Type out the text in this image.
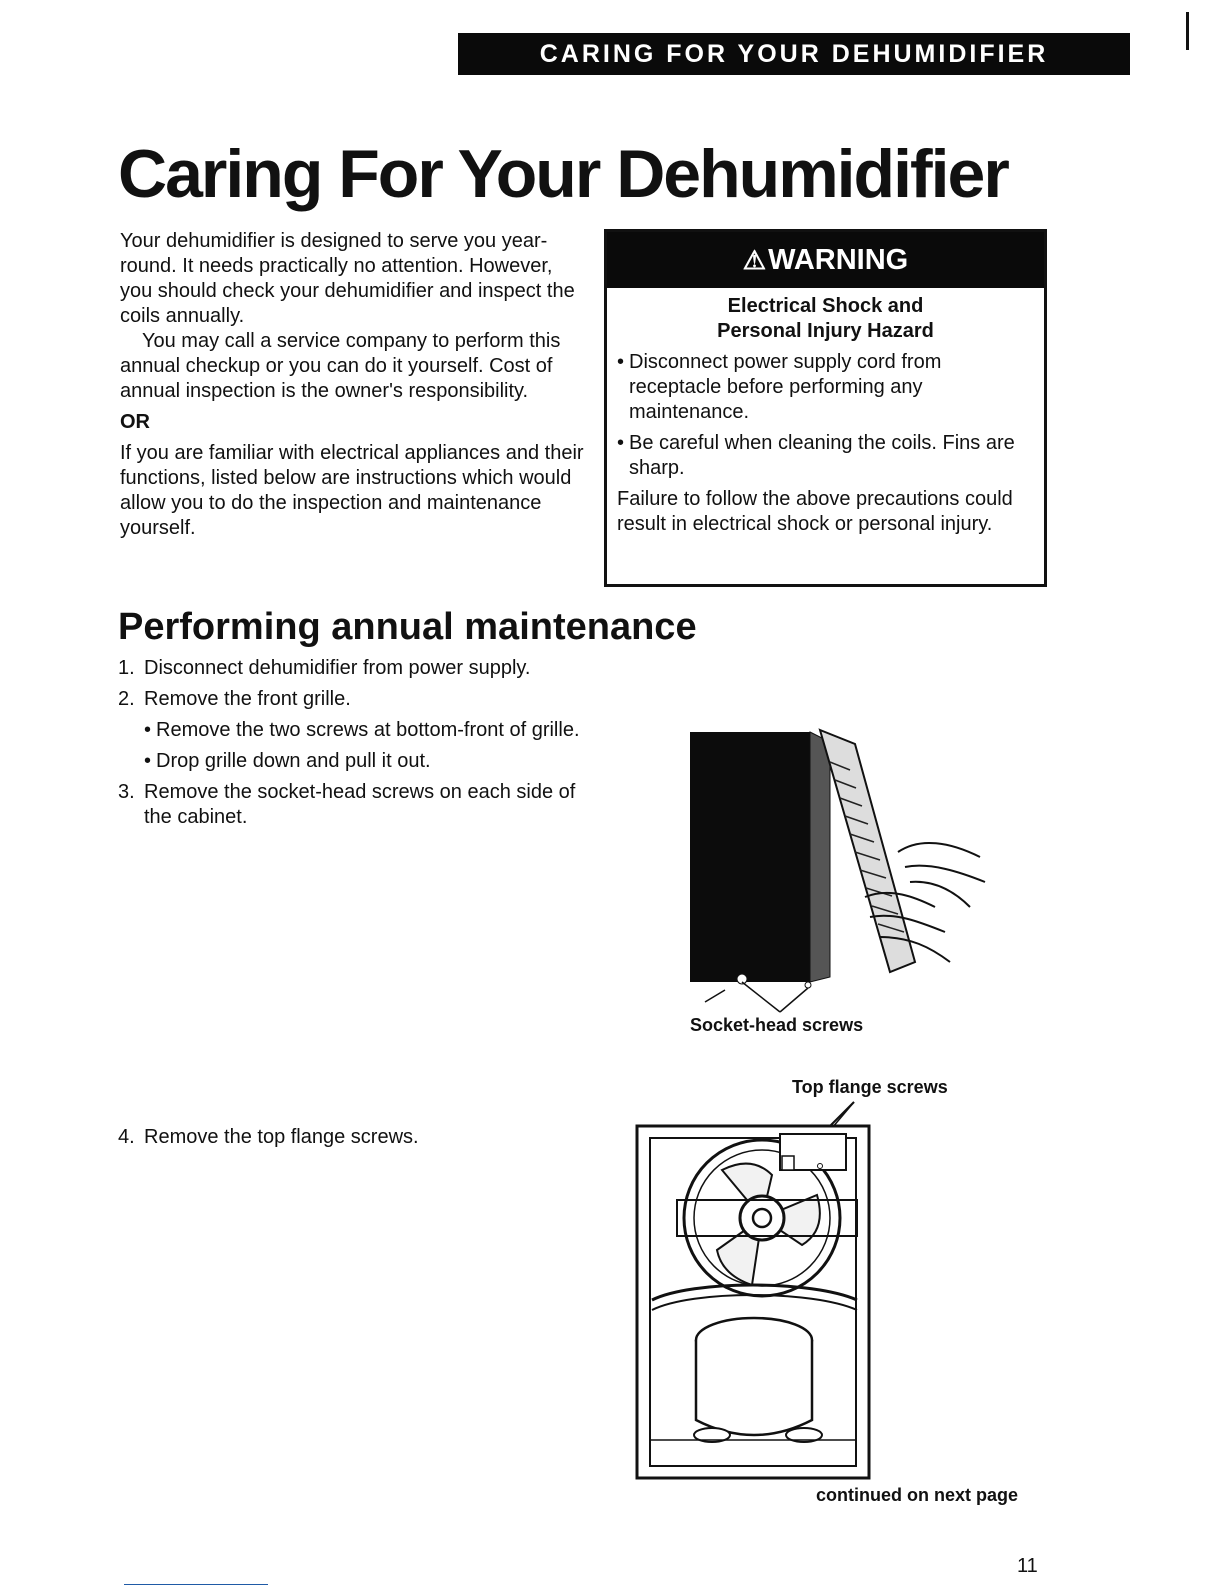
CARING FOR YOUR DEHUMIDIFIER
Caring For Your Dehumidifier

Your dehumidifier is designed to serve you year-round. It needs practically no attention. However, you should check your dehumidifier and inspect the coils annually.

You may call a service company to perform this annual checkup or you can do it yourself. Cost of annual inspection is the owner's responsibility.

OR

If you are familiar with electrical appliances and their functions, listed below are instructions which would allow you to do the inspection and maintenance yourself.

⚠ WARNING
Electrical Shock and
Personal Injury Hazard
• Disconnect power supply cord from receptacle before performing any maintenance.
• Be careful when cleaning the coils. Fins are sharp.
Failure to follow the above precautions could result in electrical shock or personal injury.
Performing annual maintenance
1. Disconnect dehumidifier from power supply.
2. Remove the front grille.
• Remove the two screws at bottom-front of grille.
• Drop grille down and pull it out.
3. Remove the socket-head screws on each side of the cabinet.
4. Remove the top flange screws.
Socket-head screws
Top flange screws
continued on next page
11
